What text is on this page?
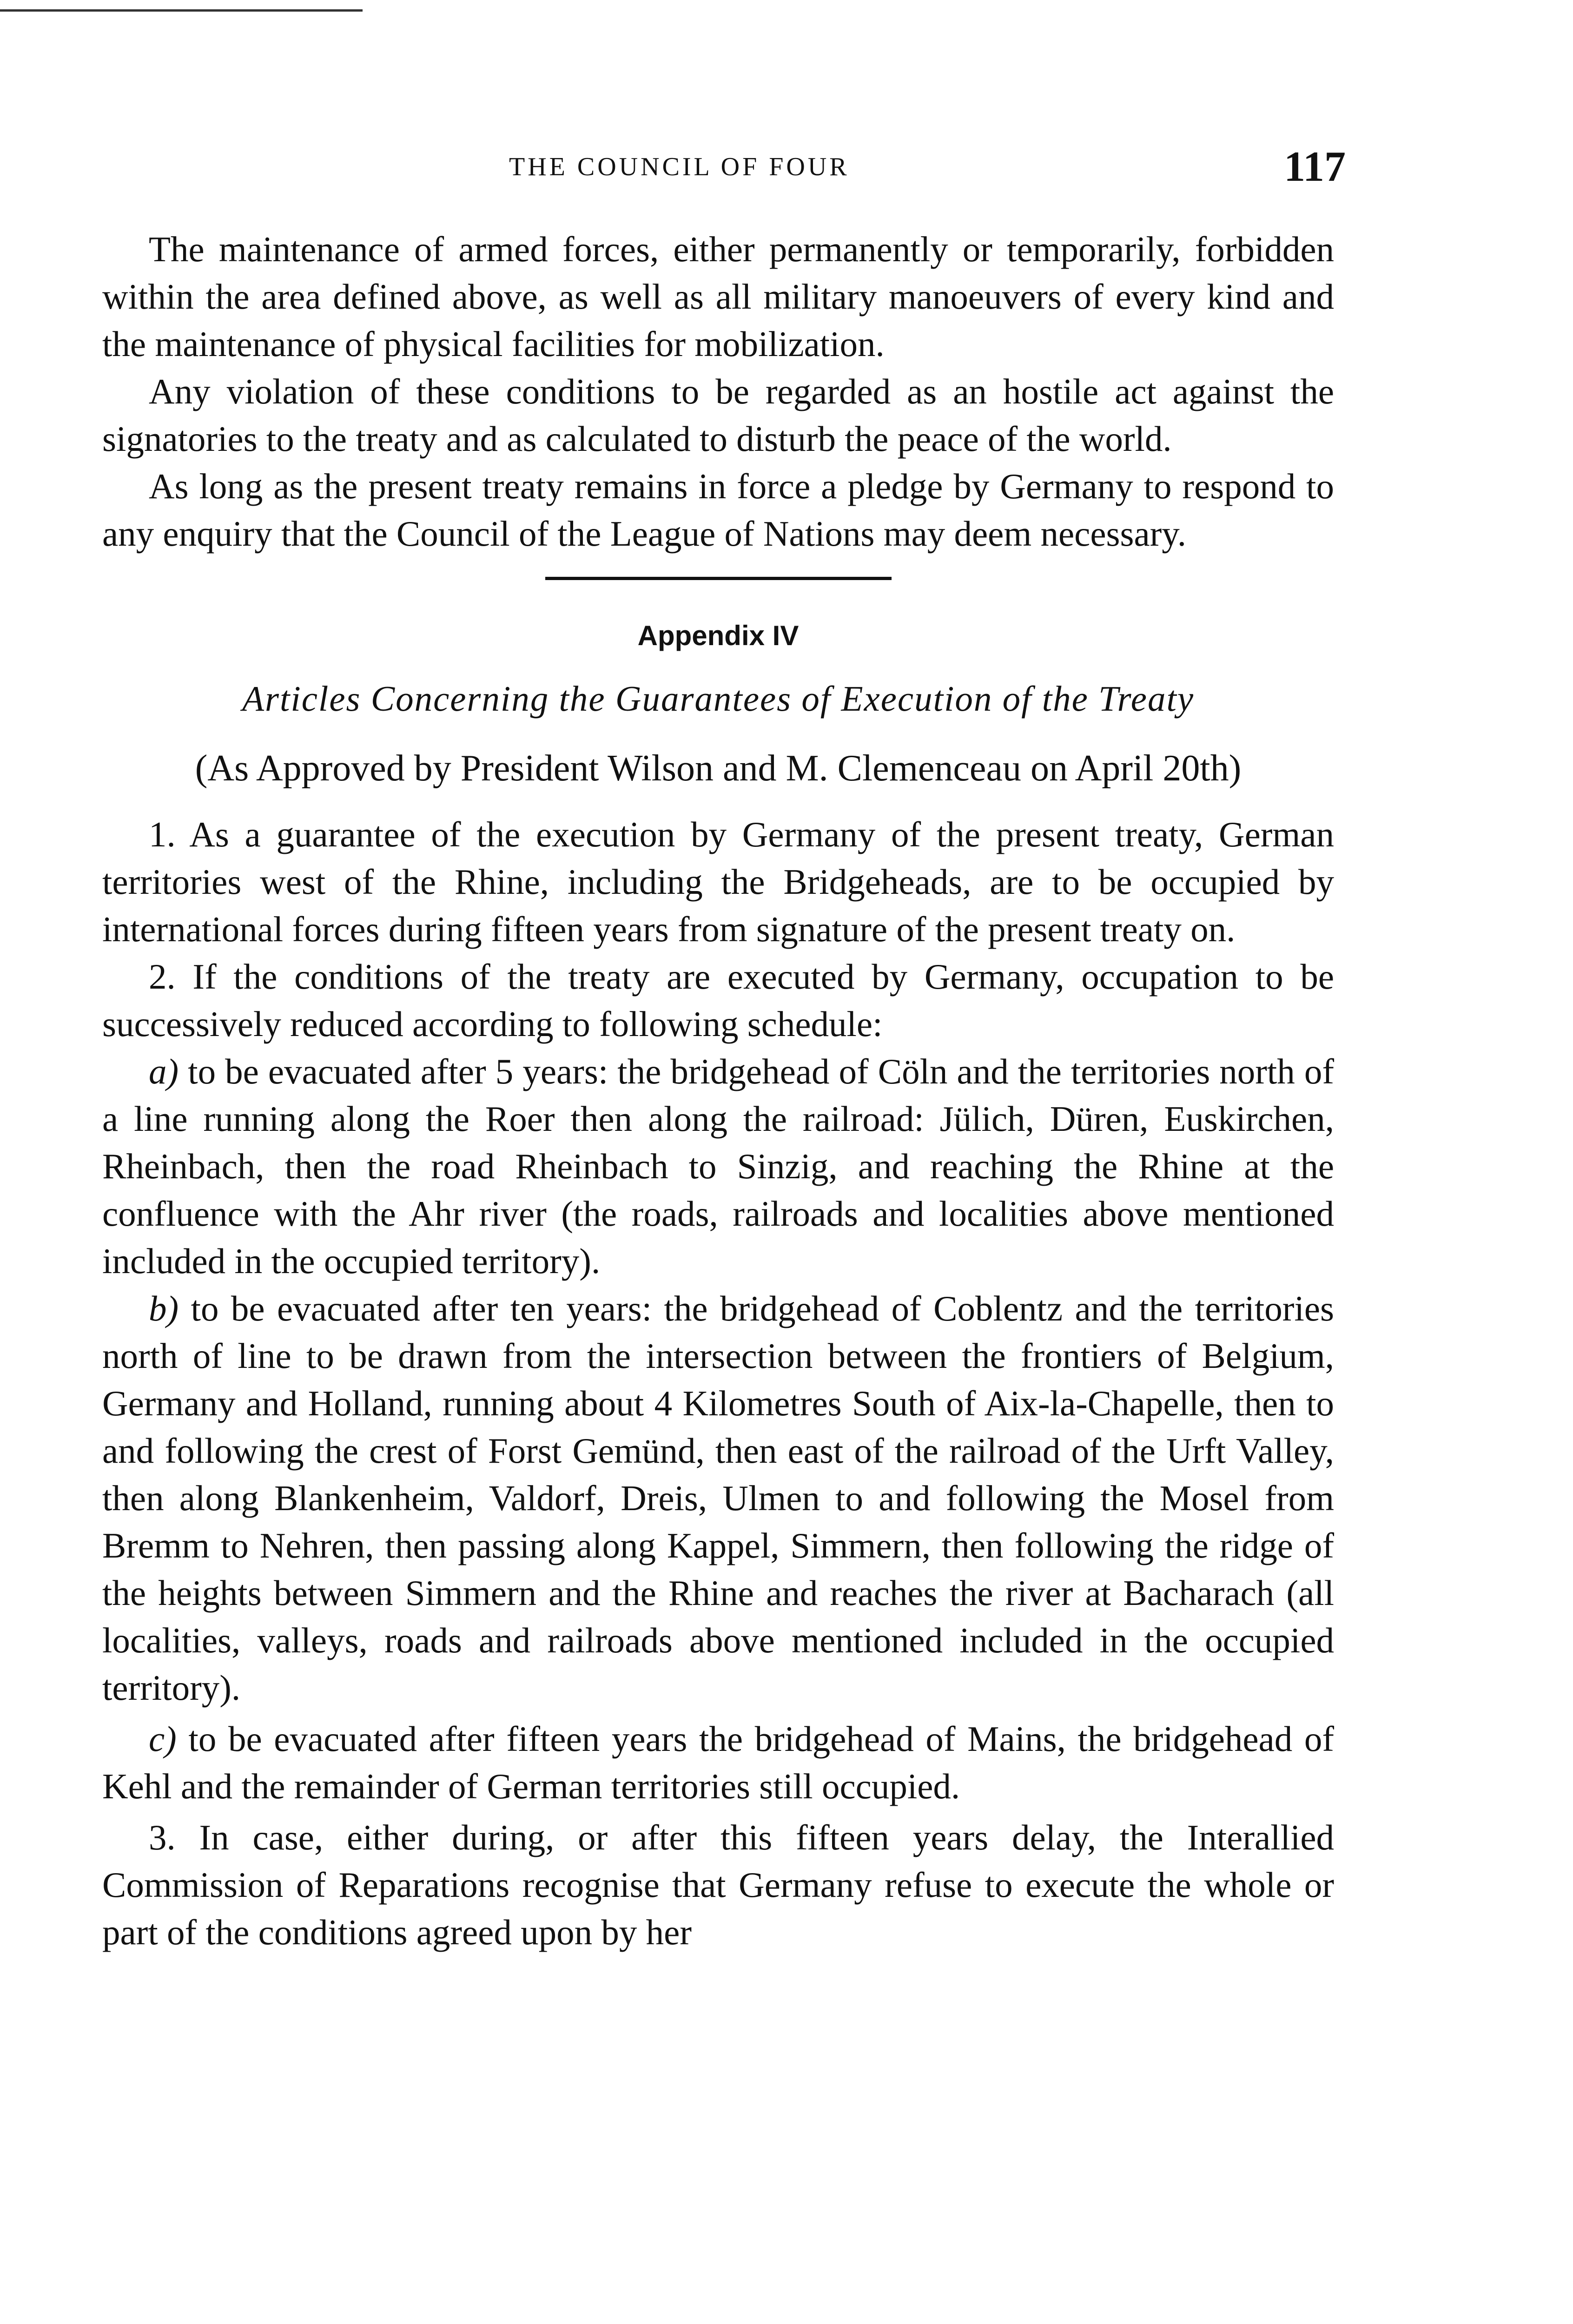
THE COUNCIL OF FOUR	117

The maintenance of armed forces, either permanently or temporarily, forbidden within the area defined above, as well as all military manoeuvers of every kind and the maintenance of physical facilities for mobilization.

Any violation of these conditions to be regarded as an hostile act against the signatories to the treaty and as calculated to disturb the peace of the world.

As long as the present treaty remains in force a pledge by Germany to respond to any enquiry that the Council of the League of Nations may deem necessary.

Appendix IV
Articles Concerning the Guarantees of Execution of the Treaty
(As Approved by President Wilson and M. Clemenceau on April 20th)

1. As a guarantee of the execution by Germany of the present treaty, German territories west of the Rhine, including the Bridgeheads, are to be occupied by international forces during fifteen years from signature of the present treaty on.

2. If the conditions of the treaty are executed by Germany, occupation to be successively reduced according to following schedule:

a) to be evacuated after 5 years: the bridgehead of Cöln and the territories north of a line running along the Roer then along the railroad: Jülich, Düren, Euskirchen, Rheinbach, then the road Rheinbach to Sinzig, and reaching the Rhine at the confluence with the Ahr river (the roads, railroads and localities above mentioned included in the occupied territory).

b) to be evacuated after ten years: the bridgehead of Coblentz and the territories north of line to be drawn from the intersection between the frontiers of Belgium, Germany and Holland, running about 4 Kilometres South of Aix-la-Chapelle, then to and following the crest of Forst Gemünd, then east of the railroad of the Urft Valley, then along Blankenheim, Valdorf, Dreis, Ulmen to and following the Mosel from Bremm to Nehren, then passing along Kappel, Simmern, then following the ridge of the heights between Simmern and the Rhine and reaches the river at Bacharach (all localities, valleys, roads and railroads above mentioned included in the occupied territory).

c) to be evacuated after fifteen years the bridgehead of Mains, the bridgehead of Kehl and the remainder of German territories still occupied.

3. In case, either during, or after this fifteen years delay, the Interallied Commission of Reparations recognise that Germany refuse to execute the whole or part of the conditions agreed upon by her
